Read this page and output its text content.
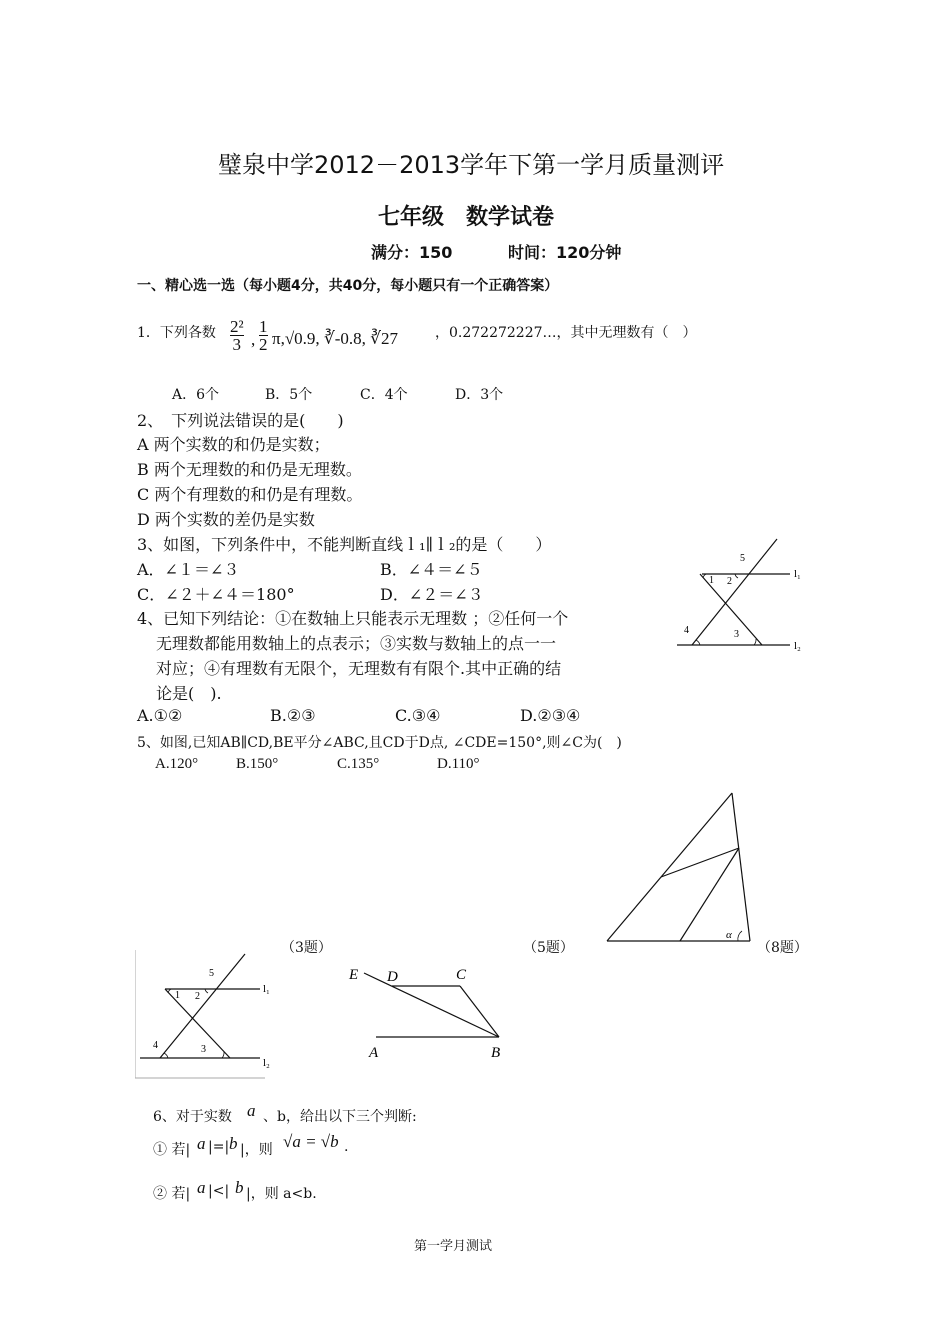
璧泉中学2012－2013学年下第一学月质量测评
七年级　数学试卷
满分：150	时间：120分钟
一、精心选一选（每小题4分，共40分，每小题只有一个正确答案）
1．下列各数 $\frac{\text{2²}}{3}$ , $\frac{1}{2} \pi,√0.9$, ∛-0.8, ∛27	，0.272272227…，其中无理数有（　）
A．6个	B．5个	C．4个	D．3个
2、　下列说法错误的是(　　)
A 两个实数的和仍是实数；
B 两个无理数的和仍是无理数。
C 两个有理数的和仍是有理数。
D 两个实数的差仍是实数
3、如图，下列条件中，不能判断直线ｌ₁∥ｌ₂的是（　　）
A．∠１＝∠３	B．∠４＝∠５
C．∠２＋∠４＝180°	D．∠２＝∠３
5
1 2
4	3
l₁
l₂
4、已知下列结论：①在数轴上只能表示无理数 ；②任何一个
无理数都能用数轴上的点表示；③实数与数轴上的点一一
对应；④有理数有无限个，无理数有有限个.其中正确的结
论是(　).
A.①②	B.②③	C.③④	D.②③④
5、如图,已知AB∥CD,BE平分∠ABC,且CD于D点, ∠CDE=150°,则∠C为(　)
A.120°	B.150°	C.135°	D.110°
α
（3题）	（5题）	（8题）
5
1 2
4	3
l₁
l₂
E D	C
A	B
6、对于实数 a 、b，给出以下三个判断:
① 若| a |=| b |，则 √a = √b .
② 若| a |<| b |，则 a<b.
第一学月测试
